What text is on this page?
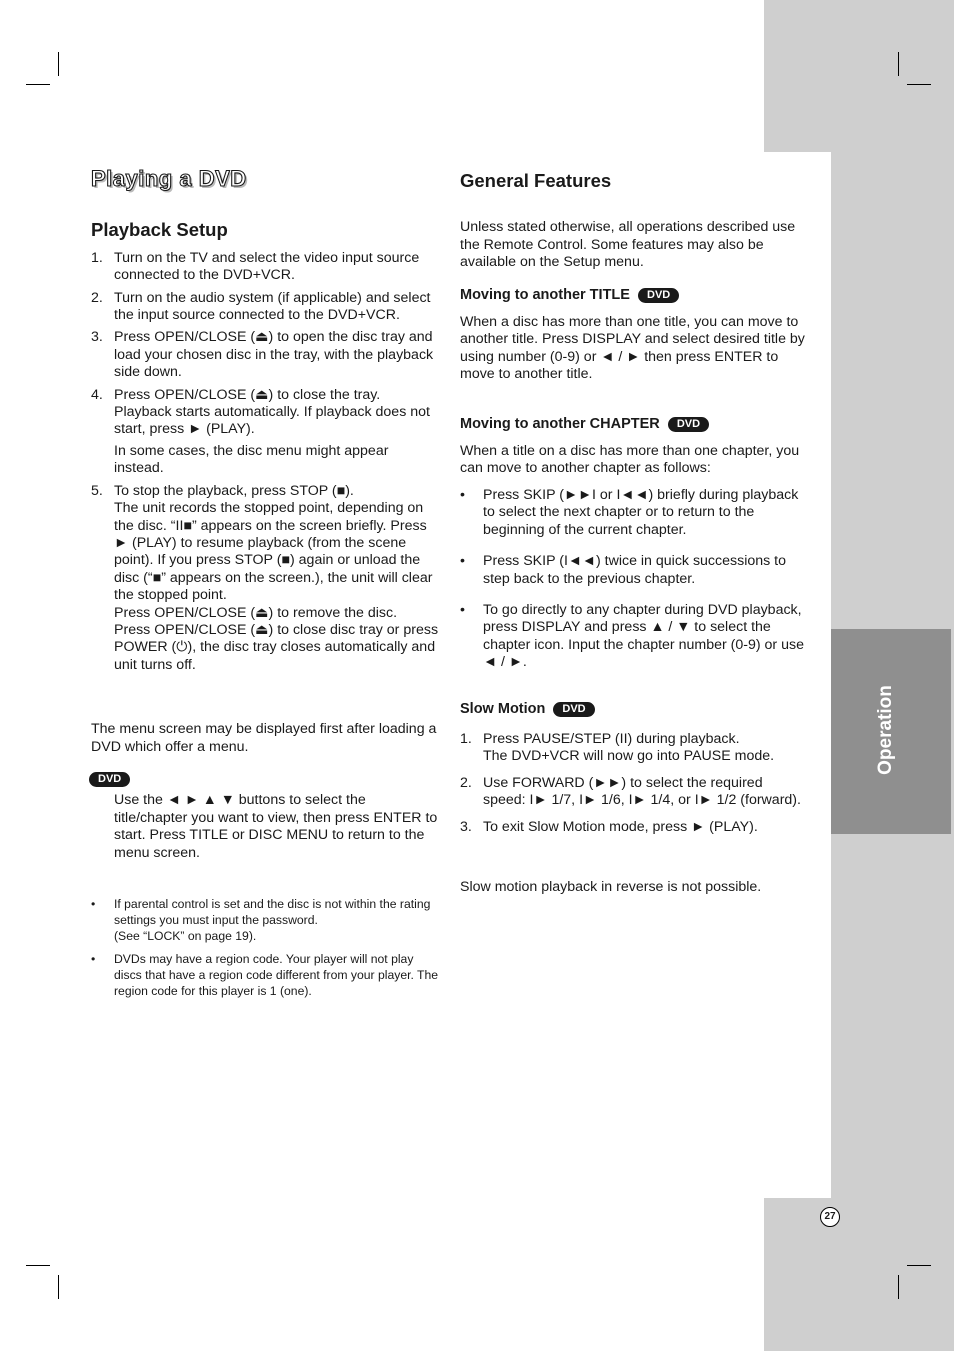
Operation
27
Playing a DVD
Playback Setup
1. Turn on the TV and select the video input source connected to the DVD+VCR.
2. Turn on the audio system (if applicable) and select the input source connected to the DVD+VCR.
3. Press OPEN/CLOSE (⏏) to open the disc tray and load your chosen disc in the tray, with the playback side down.
4. Press OPEN/CLOSE (⏏) to close the tray. Playback starts automatically. If playback does not start, press ► (PLAY).

In some cases, the disc menu might appear instead.

5. To stop the playback, press STOP (■).

The unit records the stopped point, depending on the disc. “II■” appears on the screen briefly. Press ► (PLAY) to resume playback (from the scene point). If you press STOP (■) again or unload the disc (“■” appears on the screen.), the unit will clear the stopped point.

Press OPEN/CLOSE (⏏) to remove the disc.

Press OPEN/CLOSE (⏏) to close disc tray or press POWER (⏻), the disc tray closes automatically and unit turns off.

The menu screen may be displayed first after loading a DVD which offer a menu.

DVD

Use the ◄ ► ▲ ▼ buttons to select the title/chapter you want to view, then press ENTER to start. Press TITLE or DISC MENU to return to the menu screen.

• If parental control is set and the disc is not within the rating settings you must input the password.

(See “LOCK” on page 19).

• DVDs may have a region code. Your player will not play discs that have a region code different from your player. The region code for this player is 1 (one).
General Features

Unless stated otherwise, all operations described use the Remote Control. Some features may also be available on the Setup menu.

Moving to another TITLE DVD

When a disc has more than one title, you can move to another title. Press DISPLAY and select desired title by using number (0-9) or ◄ / ► then press ENTER to move to another title.

Moving to another CHAPTER DVD

When a title on a disc has more than one chapter, you can move to another chapter as follows:

• Press SKIP (►►I or I◄◄) briefly during playback to select the next chapter or to return to the beginning of the current chapter.
• Press SKIP (I◄◄) twice in quick successions to step back to the previous chapter.
• To go directly to any chapter during DVD playback, press DISPLAY and press ▲ / ▼ to select the chapter icon. Input the chapter number (0-9) or use ◄ / ►.
Slow Motion DVD
1. Press PAUSE/STEP (II) during playback.

The DVD+VCR will now go into PAUSE mode.

2. Use FORWARD (►►) to select the required speed: I► 1/7, I► 1/6, I► 1/4, or I► 1/2 (forward).
3. To exit Slow Motion mode, press ► (PLAY).

Slow motion playback in reverse is not possible.
